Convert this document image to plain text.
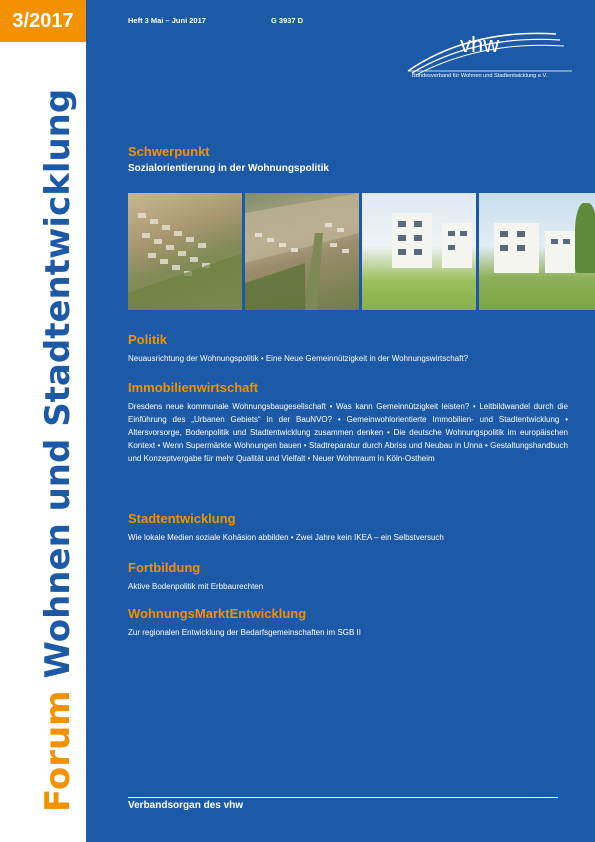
3/2017
Forum Wohnen und Stadtentwicklung
Heft 3 Mai – Juni 2017	G 3937 D
vhw
Bundesverband für Wohnen und Stadtentwicklung e.V.
Schwerpunkt
Sozialorientierung in der Wohnungspolitik
Politik
Neuausrichtung der Wohnungspolitik • Eine Neue Gemeinnützigkeit in der Wohnungswirtschaft?
Immobilienwirtschaft
Dresdens neue kommunale Wohnungsbaugesellschaft • Was kann Gemeinnützigkeit leisten? • Leitbildwandel durch die Einführung des „Urbanen Gebiets“ in der BauNVO? • Gemeinwohlorientierte Immobilien- und Stadtentwicklung • Altersvorsorge, Bodenpolitik und Stadtentwicklung zusammen denken • Die deutsche Wohnungspolitik im europäischen Kontext • Wenn Supermärkte Wohnungen bauen • Stadtreparatur durch Abriss und Neubau in Unna • Gestaltungshandbuch und Konzeptvergabe für mehr Qualität und Vielfalt • Neuer Wohnraum in Köln-Ostheim
Stadtentwicklung
Wie lokale Medien soziale Kohäsion abbilden • Zwei Jahre kein IKEA – ein Selbstversuch
Fortbildung
Aktive Bodenpolitik mit Erbbaurechten
WohnungsMarktEntwicklung
Zur regionalen Entwicklung der Bedarfsgemeinschaften im SGB II
Verbandsorgan des vhw
